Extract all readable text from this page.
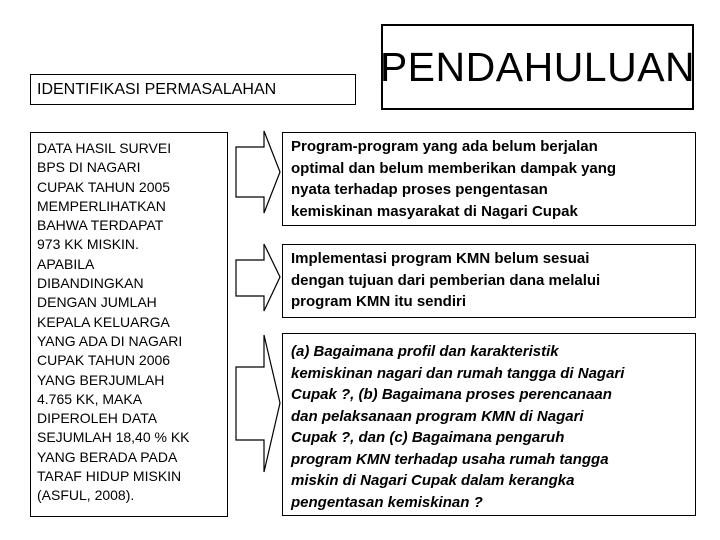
PENDAHULUAN
IDENTIFIKASI PERMASALAHAN
DATA HASIL SURVEI
BPS DI NAGARI
CUPAK TAHUN 2005
MEMPERLIHATKAN
BAHWA TERDAPAT
973 KK MISKIN.
APABILA
DIBANDINGKAN
DENGAN JUMLAH
KEPALA KELUARGA
YANG ADA DI NAGARI
CUPAK TAHUN 2006
YANG BERJUMLAH
4.765 KK, MAKA
DIPEROLEH DATA
SEJUMLAH 18,40 % KK
YANG BERADA PADA
TARAF HIDUP MISKIN
(ASFUL, 2008).
Program-program yang ada belum berjalan
optimal dan belum memberikan dampak yang
nyata terhadap proses pengentasan
kemiskinan masyarakat di Nagari Cupak
Implementasi program KMN belum sesuai
dengan tujuan dari pemberian dana melalui
program KMN itu sendiri
(a) Bagaimana profil dan karakteristik
kemiskinan nagari dan rumah tangga di Nagari
Cupak ?, (b) Bagaimana proses perencanaan
dan pelaksanaan program KMN di Nagari
Cupak ?, dan (c) Bagaimana pengaruh
program KMN terhadap usaha rumah tangga
miskin di Nagari Cupak dalam kerangka
pengentasan kemiskinan ?
